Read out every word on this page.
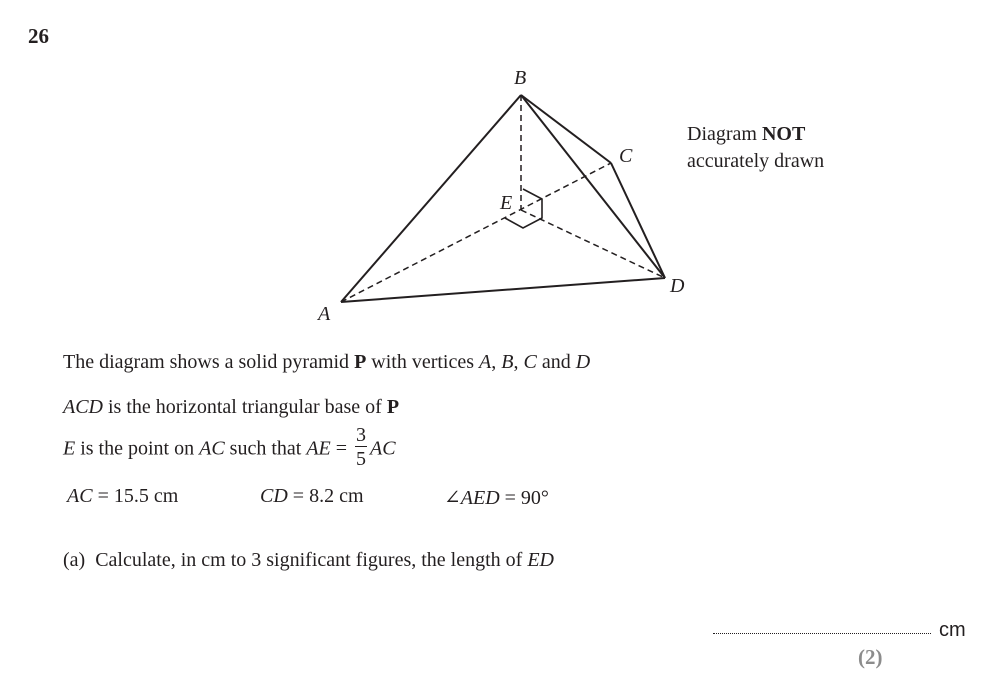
26
B
C
E
D
A
Diagram NOT
accurately drawn
The diagram shows a solid pyramid P with vertices A, B, C and D
ACD is the horizontal triangular base of P
E is the point on AC such that AE = $\frac{3}{5}$ AC
AC = 15.5 cm	CD = 8.2 cm	∠AED = 90°
(a) Calculate, in cm to 3 significant figures, the length of ED
cm
(2)
